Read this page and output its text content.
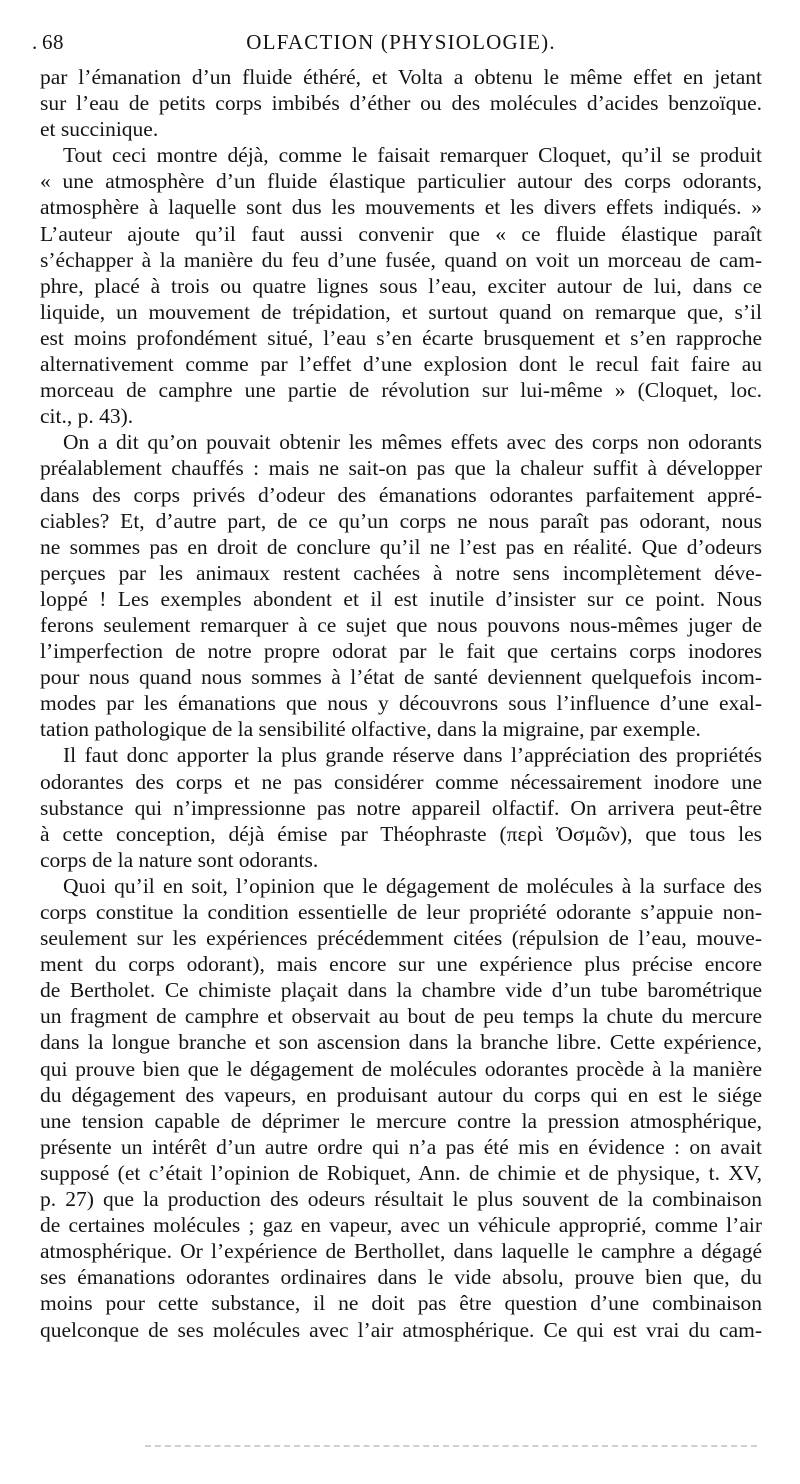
. 68	OLFACTION (PHYSIOLOGIE).
par l’émanation d’un fluide éthéré, et Volta a obtenu le même effet en jetant
sur l’eau de petits corps imbibés d’éther ou des molécules d’acides benzoïque.
et succinique.
Tout ceci montre déjà, comme le faisait remarquer Cloquet, qu’il se produit
« une atmosphère d’un fluide élastique particulier autour des corps odorants,
atmosphère à laquelle sont dus les mouvements et les divers effets indiqués. »
L’auteur ajoute qu’il faut aussi convenir que « ce fluide élastique paraît
s’échapper à la manière du feu d’une fusée, quand on voit un morceau de cam-
phre, placé à trois ou quatre lignes sous l’eau, exciter autour de lui, dans ce
liquide, un mouvement de trépidation, et surtout quand on remarque que, s’il
est moins profondément situé, l’eau s’en écarte brusquement et s’en rapproche
alternativement comme par l’effet d’une explosion dont le recul fait faire au
morceau de camphre une partie de révolution sur lui-même » (Cloquet, loc.
cit., p. 43).
On a dit qu’on pouvait obtenir les mêmes effets avec des corps non odorants
préalablement chauffés : mais ne sait-on pas que la chaleur suffit à développer
dans des corps privés d’odeur des émanations odorantes parfaitement appré-
ciables? Et, d’autre part, de ce qu’un corps ne nous paraît pas odorant, nous
ne sommes pas en droit de conclure qu’il ne l’est pas en réalité. Que d’odeurs
perçues par les animaux restent cachées à notre sens incomplètement déve-
loppé ! Les exemples abondent et il est inutile d’insister sur ce point. Nous
ferons seulement remarquer à ce sujet que nous pouvons nous-mêmes juger de
l’imperfection de notre propre odorat par le fait que certains corps inodores
pour nous quand nous sommes à l’état de santé deviennent quelquefois incom-
modes par les émanations que nous y découvrons sous l’influence d’une exal-
tation pathologique de la sensibilité olfactive, dans la migraine, par exemple.
Il faut donc apporter la plus grande réserve dans l’appréciation des propriétés
odorantes des corps et ne pas considérer comme nécessairement inodore une
substance qui n’impressionne pas notre appareil olfactif. On arrivera peut-être
à cette conception, déjà émise par Théophraste (περὶ Ὀσμῶν), que tous les
corps de la nature sont odorants.
Quoi qu’il en soit, l’opinion que le dégagement de molécules à la surface des
corps constitue la condition essentielle de leur propriété odorante s’appuie non-
seulement sur les expériences précédemment citées (répulsion de l’eau, mouve-
ment du corps odorant), mais encore sur une expérience plus précise encore
de Bertholet. Ce chimiste plaçait dans la chambre vide d’un tube barométrique
un fragment de camphre et observait au bout de peu temps la chute du mercure
dans la longue branche et son ascension dans la branche libre. Cette expérience,
qui prouve bien que le dégagement de molécules odorantes procède à la manière
du dégagement des vapeurs, en produisant autour du corps qui en est le siége
une tension capable de déprimer le mercure contre la pression atmosphérique,
présente un intérêt d’un autre ordre qui n’a pas été mis en évidence : on avait
supposé (et c’était l’opinion de Robiquet, Ann. de chimie et de physique, t. XV,
p. 27) que la production des odeurs résultait le plus souvent de la combinaison
de certaines molécules ; gaz en vapeur, avec un véhicule approprié, comme l’air
atmosphérique. Or l’expérience de Berthollet, dans laquelle le camphre a dégagé
ses émanations odorantes ordinaires dans le vide absolu, prouve bien que, du
moins pour cette substance, il ne doit pas être question d’une combinaison
quelconque de ses molécules avec l’air atmosphérique. Ce qui est vrai du cam-
